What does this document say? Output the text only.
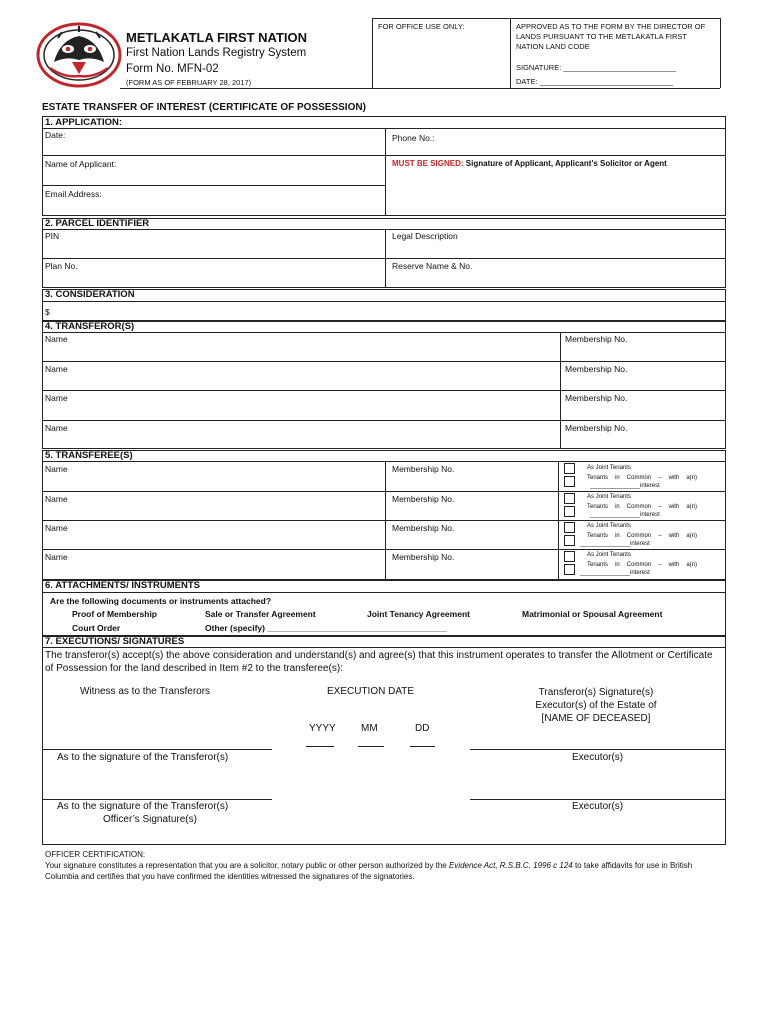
METLAKATLA FIRST NATION
First Nation Lands Registry System
Form No. MFN-02
(FORM AS OF FEBRUARY 28, 2017)
FOR OFFICE USE ONLY:	APPROVED AS TO THE FORM BY THE DIRECTOR OF LANDS PURSUANT TO THE METLAKATLA FIRST NATION LAND CODE
SIGNATURE: ___________________________
DATE: ________________________________
ESTATE TRANSFER OF INTEREST (CERTIFICATE OF POSSESSION)
1. APPLICATION:
Date:	Phone No.:
Name of Applicant:	MUST BE SIGNED: Signature of Applicant, Applicant’s Solicitor or Agent
Email Address:
2. PARCEL IDENTIFIER
PIN	Legal Description
Plan No.	Reserve Name & No.
3. CONSIDERATION
$
4. TRANSFEROR(S)
Name	Membership No.
Name	Membership No.
Name	Membership No.
Name	Membership No.
5. TRANSFEREE(S)
Name	Membership No.	As Joint Tenants
Tenants in Common – with a(n)
_______________interest
Name	Membership No.	As Joint Tenants
Tenants in Common – with a(n)
_______________interest
Name	Membership No.	As Joint Tenants
Tenants in Common – with a(n)
_______________interest
Name	Membership No.	As Joint Tenants
Tenants in Common – with a(n)
_______________interest
6. ATTACHMENTS/ INSTRUMENTS
Are the following documents or instruments attached?
Proof of Membership	Sale or Transfer Agreement	Joint Tenancy Agreement	Matrimonial or Spousal Agreement
Court Order	Other (specify) ______________________________________
7. EXECUTIONS/ SIGNATURES
The transferor(s) accept(s) the above consideration and understand(s) and agree(s) that this instrument operates to transfer the Allotment or Certificate of Possession for the land described in Item #2 to the transferee(s):
Witness as to the Transferors	EXECUTION DATE	Transferor(s) Signature(s)
Executor(s) of the Estate of
[NAME OF DECEASED]
YYYY	MM	DD
As to the signature of the Transferor(s)	Executor(s)
As to the signature of the Transferor(s)
Officer’s Signature(s)
Executor(s)
OFFICER CERTIFICATION:
Your signature constitutes a representation that you are a solicitor, notary public or other person authorized by the Evidence Act, R.S.B.C. 1996 c 124 to take affidavits for use in British Columbia and certifies that you have confirmed the identities witnessed the signatures of the signatories.
